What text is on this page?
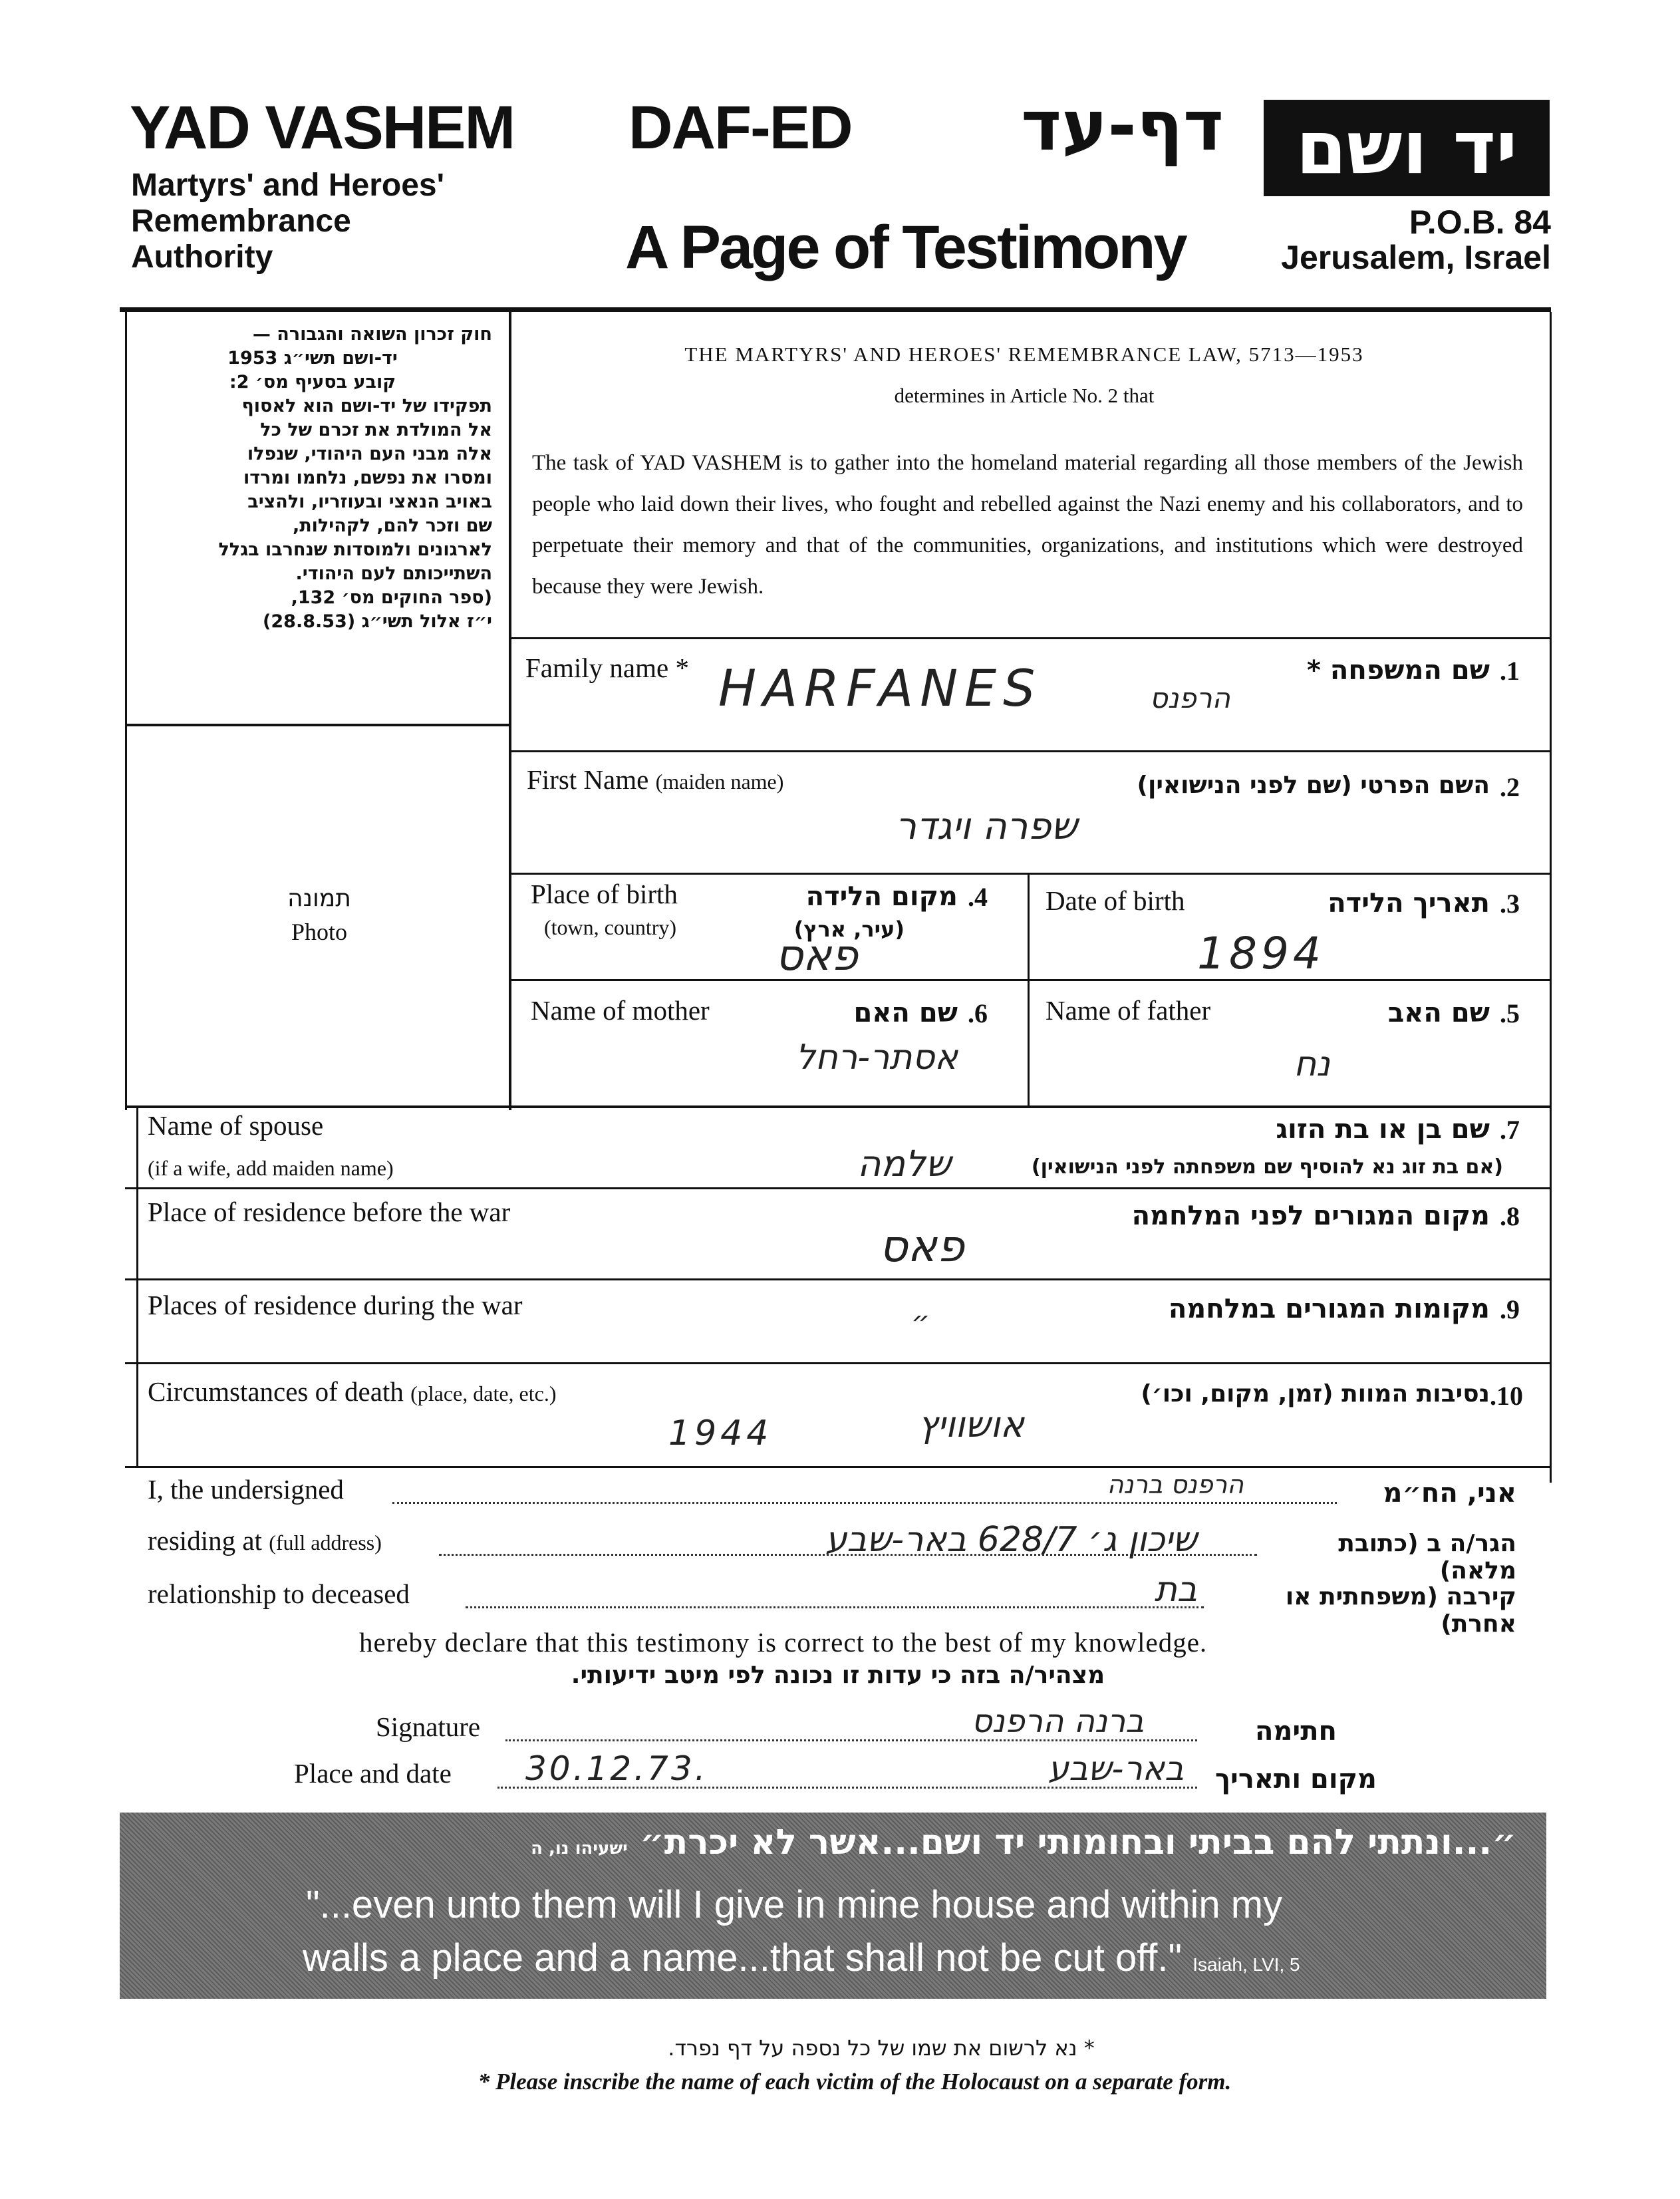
YAD VASHEM
Martyrs' and Heroes'
Remembrance
Authority
DAF-ED	דף-עד
A Page of Testimony
יד ושם
P.O.B. 84
Jerusalem, Israel
חוק זכרון השואה והגבורה —
יד-ושם תשי״ג 1953
קובע בסעיף מס׳ 2:
תפקידו של יד-ושם הוא לאסוף
אל המולדת את זכרם של כל
אלה מבני העם היהודי, שנפלו
ומסרו את נפשם, נלחמו ומרדו
באויב הנאצי ובעוזריו, ולהציב
שם וזכר להם, לקהילות,
לארגונים ולמוסדות שנחרבו בגלל
השתייכותם לעם היהודי.
(ספר החוקים מס׳ 132,
י״ז אלול תשי״ג (28.8.53)
THE MARTYRS' AND HEROES' REMEMBRANCE LAW, 5713—1953
determines in Article No. 2 that
The task of YAD VASHEM is to gather into the homeland material regarding all those members of the Jewish people who laid down their lives, who fought and rebelled against the Nazi enemy and his collaborators, and to perpetuate their memory and that of the communities, organizations, and institutions which were destroyed because they were Jewish.
תמונה
Photo
Family name *	שם המשפחה * .1
HARFANES	הרפנס
First Name (maiden name)	השם הפרטי (שם לפני הנישואין) .2
שפרה ויגדר
Place of birth
(town, country)
מקום הלידה .4
(עיר, ארץ)
פאס
Date of birth	תאריך הלידה .3
1894
Name of mother	שם האם .6
אסתר-רחל
Name of father	שם האב .5
נח
Name of spouse
(if a wife, add maiden name)
שם בן או בת הזוג .7
(אם בת זוג נא להוסיף שם משפחתה לפני הנישואין)
שלמה
Place of residence before the war	מקום המגורים לפני המלחמה .8
פאס
Places of residence during the war	מקומות המגורים במלחמה .9
״
Circumstances of death (place, date, etc.)	נסיבות המוות (זמן, מקום, וכו׳) .10
אושוויץ
1944
I, the undersigned	הרפנס ברנה	אני, הח״מ
residing at (full address)	שיכון ג׳ 628/7 באר-שבע	הגר/ה ב (כתובת מלאה)
relationship to deceased	בת	קירבה (משפחתית או אחרת)
hereby declare that this testimony is correct to the best of my knowledge.
מצהיר/ה בזה כי עדות זו נכונה לפי מיטב ידיעותי.
Signature	ברנה הרפנס	חתימה
Place and date 30.12.73.	באר-שבע	מקום ותאריך
״...ונתתי להם בביתי ובחומותי יד ושם...אשר לא יכרת״ ישעיהו נו, ה
"...even unto them will I give in mine house and within my
walls a place and a name...that shall not be cut off." Isaiah, LVI, 5
* נא לרשום את שמו של כל נספה על דף נפרד.
* Please inscribe the name of each victim of the Holocaust on a separate form.
